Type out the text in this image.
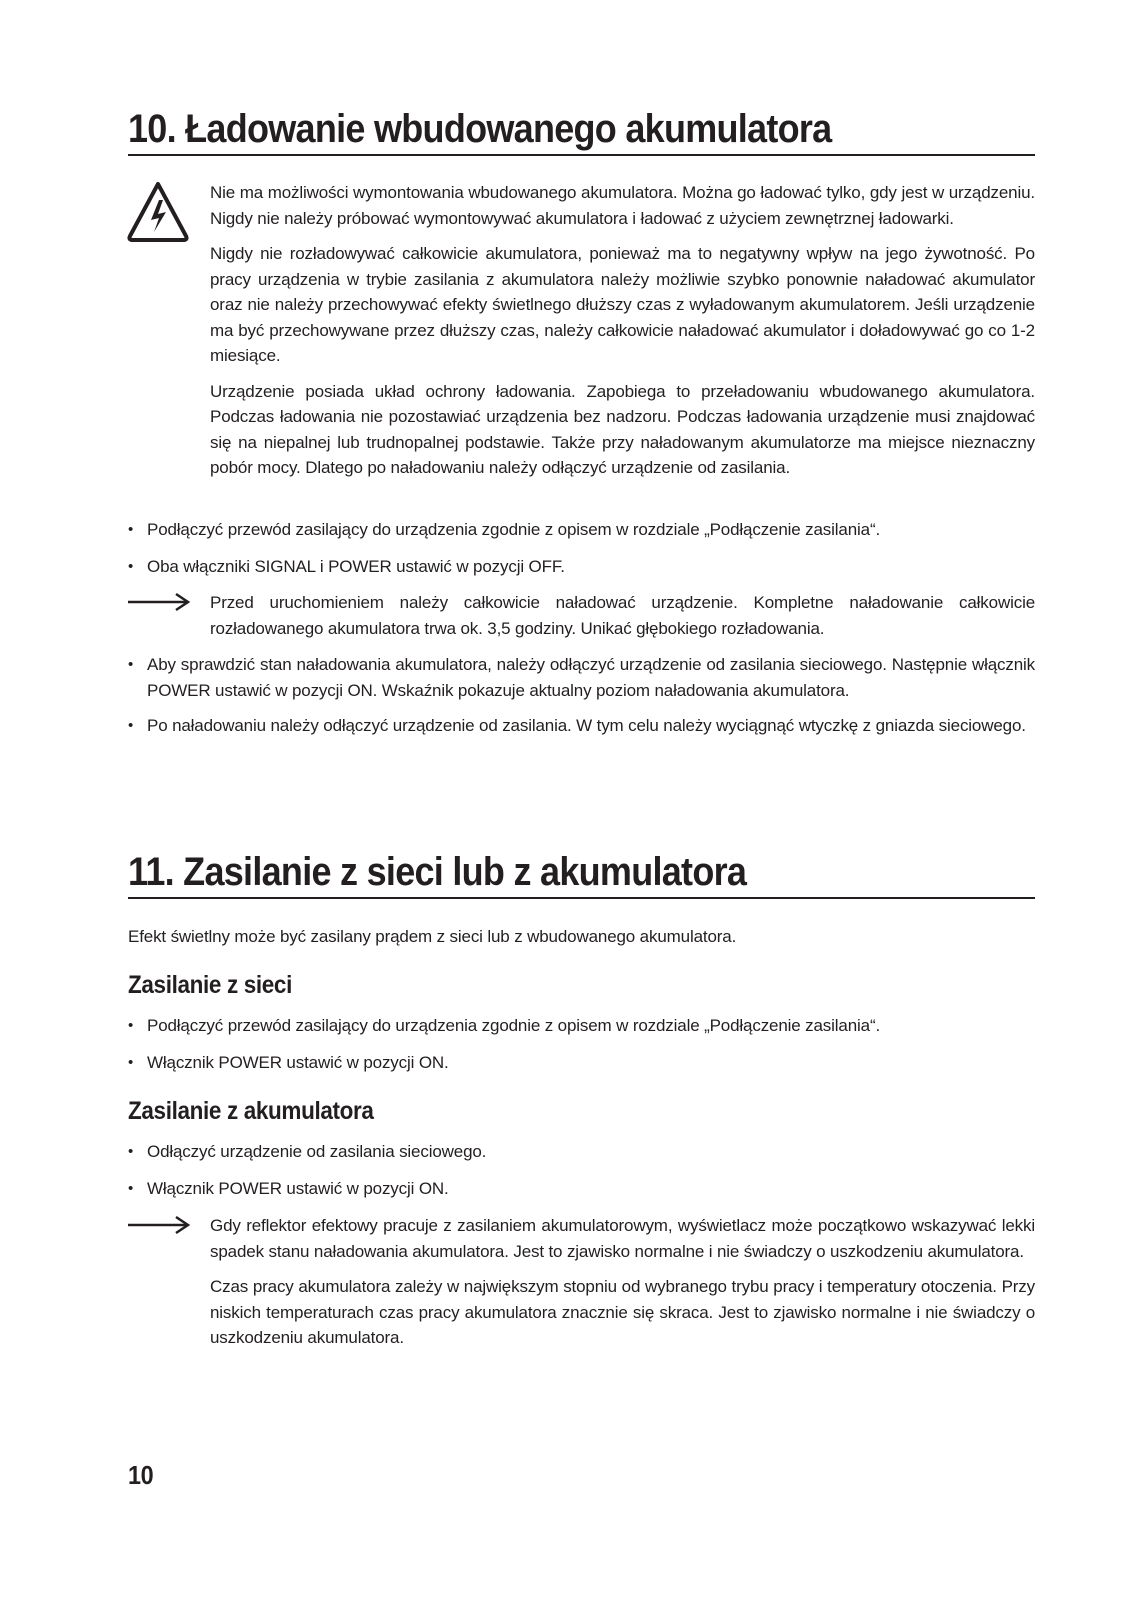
10. Ładowanie wbudowanego akumulatora

Nie ma możliwości wymontowania wbudowanego akumulatora. Można go ładować tylko, gdy jest w urządzeniu. Nigdy nie należy próbować wymontowywać akumulatora i ładować z użyciem zewnętrznej ładowarki.

Nigdy nie rozładowywać całkowicie akumulatora, ponieważ ma to negatywny wpływ na jego żywotność. Po pracy urządzenia w trybie zasilania z akumulatora należy możliwie szybko ponownie naładować akumulator oraz nie należy przechowywać efekty świetlnego dłuższy czas z wyładowanym akumulatorem. Jeśli urządzenie ma być przechowywane przez dłuższy czas, należy całkowicie naładować akumulator i doładowywać go co 1-2 miesiące.

Urządzenie posiada układ ochrony ładowania. Zapobiega to przeładowaniu wbudowanego akumulatora. Podczas ładowania nie pozostawiać urządzenia bez nadzoru. Podczas ładowania urządzenie musi znajdować się na niepalnej lub trudnopalnej podstawie. Także przy naładowanym akumulatorze ma miejsce nieznaczny pobór mocy. Dlatego po naładowaniu należy odłączyć urządzenie od zasilania.

• Podłączyć przewód zasilający do urządzenia zgodnie z opisem w rozdziale „Podłączenie zasilania“.
• Oba włączniki SIGNAL i POWER ustawić w pozycji OFF.

Przed uruchomieniem należy całkowicie naładować urządzenie. Kompletne naładowanie całkowicie rozładowanego akumulatora trwa ok. 3,5 godziny. Unikać głębokiego rozładowania.

• Aby sprawdzić stan naładowania akumulatora, należy odłączyć urządzenie od zasilania sieciowego. Następnie włącznik POWER ustawić w pozycji ON. Wskaźnik pokazuje aktualny poziom naładowania akumulatora.
• Po naładowaniu należy odłączyć urządzenie od zasilania. W tym celu należy wyciągnąć wtyczkę z gniazda sieciowego.
11. Zasilanie z sieci lub z akumulatora

Efekt świetlny może być zasilany prądem z sieci lub z wbudowanego akumulatora.

Zasilanie z sieci
• Podłączyć przewód zasilający do urządzenia zgodnie z opisem w rozdziale „Podłączenie zasilania“.
• Włącznik POWER ustawić w pozycji ON.
Zasilanie z akumulatora
• Odłączyć urządzenie od zasilania sieciowego.
• Włącznik POWER ustawić w pozycji ON.

Gdy reflektor efektowy pracuje z zasilaniem akumulatorowym, wyświetlacz może początkowo wskazywać lekki spadek stanu naładowania akumulatora. Jest to zjawisko normalne i nie świadczy o uszkodzeniu akumulatora.

Czas pracy akumulatora zależy w największym stopniu od wybranego trybu pracy i temperatury otoczenia. Przy niskich temperaturach czas pracy akumulatora znacznie się skraca. Jest to zjawisko normalne i nie świadczy o uszkodzeniu akumulatora.

10
